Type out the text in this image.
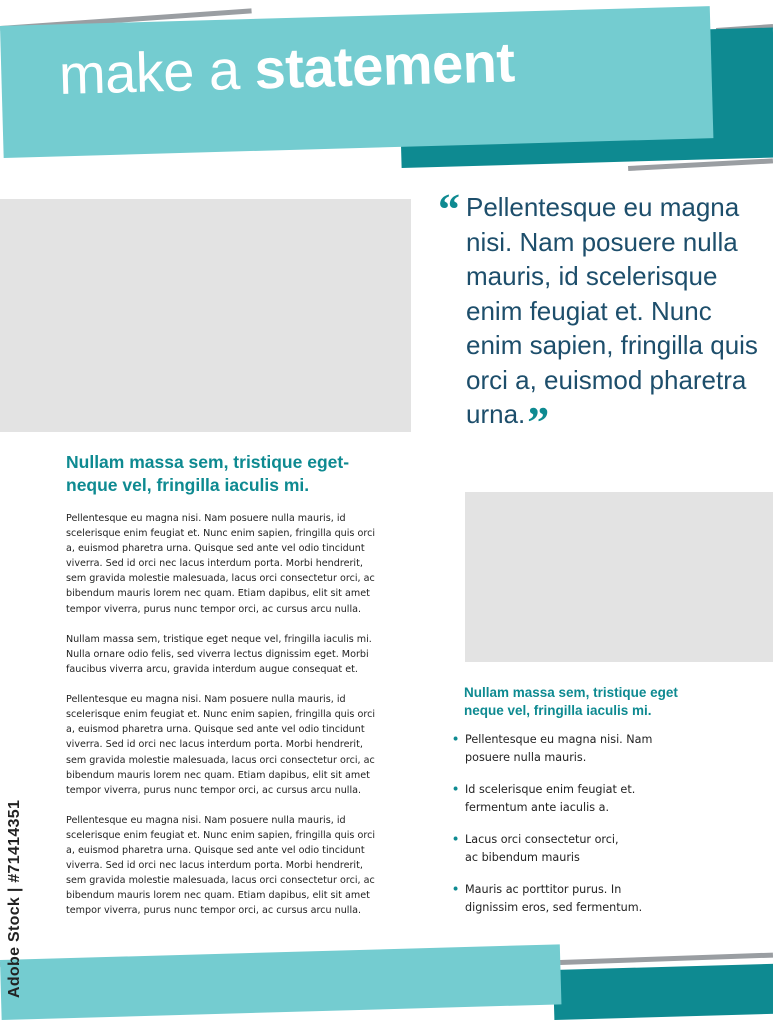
make a statement
“ Pellentesque eu magna nisi. Nam posuere nulla mauris, id scelerisque enim feugiat et. Nunc enim sapien, fringilla quis orci a, euismod pharetra urna.”
Nullam massa sem, tristique eget-
neque vel, fringilla iaculis mi.

Pellentesque eu magna nisi. Nam posuere nulla mauris, id
scelerisque enim feugiat et. Nunc enim sapien, fringilla quis orci
a, euismod pharetra urna. Quisque sed ante vel odio tincidunt
viverra. Sed id orci nec lacus interdum porta. Morbi hendrerit,
sem gravida molestie malesuada, lacus orci consectetur orci, ac
bibendum mauris lorem nec quam. Etiam dapibus, elit sit amet
tempor viverra, purus nunc tempor orci, ac cursus arcu nulla.

Nullam massa sem, tristique eget neque vel, fringilla iaculis mi.
Nulla ornare odio felis, sed viverra lectus dignissim eget. Morbi
faucibus viverra arcu, gravida interdum augue consequat et.

Pellentesque eu magna nisi. Nam posuere nulla mauris, id
scelerisque enim feugiat et. Nunc enim sapien, fringilla quis orci
a, euismod pharetra urna. Quisque sed ante vel odio tincidunt
viverra. Sed id orci nec lacus interdum porta. Morbi hendrerit,
sem gravida molestie malesuada, lacus orci consectetur orci, ac
bibendum mauris lorem nec quam. Etiam dapibus, elit sit amet
tempor viverra, purus nunc tempor orci, ac cursus arcu nulla.

Pellentesque eu magna nisi. Nam posuere nulla mauris, id
scelerisque enim feugiat et. Nunc enim sapien, fringilla quis orci
a, euismod pharetra urna. Quisque sed ante vel odio tincidunt
viverra. Sed id orci nec lacus interdum porta. Morbi hendrerit,
sem gravida molestie malesuada, lacus orci consectetur orci, ac
bibendum mauris lorem nec quam. Etiam dapibus, elit sit amet
tempor viverra, purus nunc tempor orci, ac cursus arcu nulla.

Nullam massa sem, tristique eget
neque vel, fringilla iaculis mi.
• Pellentesque eu magna nisi. Nam
posuere nulla mauris.
• Id scelerisque enim feugiat et.
fermentum ante iaculis a.
• Lacus orci consectetur orci,
ac bibendum mauris
• Mauris ac porttitor purus. In
dignissim eros, sed fermentum.
Adobe Stock | #71414351
